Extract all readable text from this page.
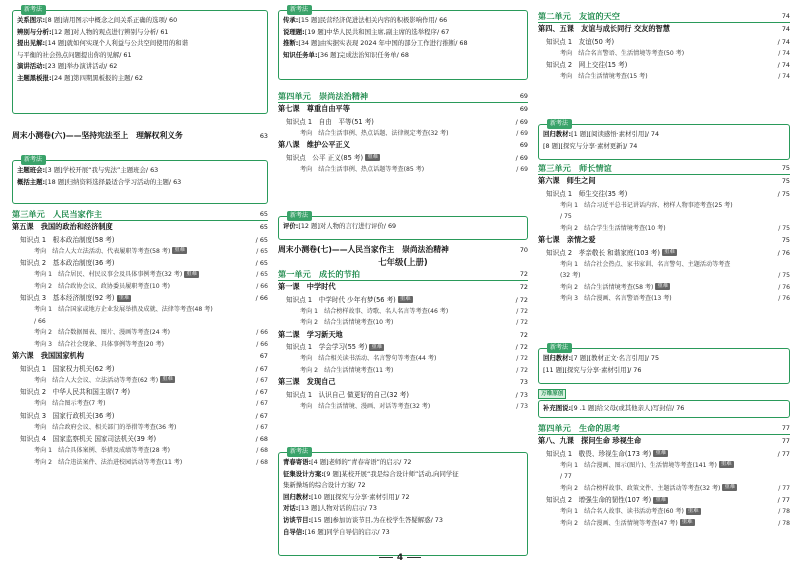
新考法
关系图示:[8 题]请用图示中概念之间关系正确的选项/ 60
辨别与分析:[12 题]对人物的观点进行辨别与分析/ 61
提出见解:[14 题]就如何实现个人利益与公共空间使用的和谐
与平衡的社会热点问题提出你的见解/ 61
演讲活动:[23 题]举办演讲活动/ 62
主题黑板报:[24 题]第四期黑板报的主题/ 62
周末小测卷(六)——坚持宪法至上　理解权利义务	63
新考法
主题班会:[3 题]学校开展“我与宪法”主题班会/ 63
概括主题:[18 题]归纳资料选择最适合学习活动的主题/ 63
第三单元　人民当家作主	65
第五课　我国的政治和经济制度	65
知识点 1　根本政治制度(58 考)	/ 65
考向　结合人大立法活动、代表履职等考查(58 考) 重难	/ 65
知识点 2　基本政治制度(36 考)	/ 65
考向 1　结合居民、村民议事会及具体事例考查(32 考) 重难	/ 65
考向 2　结合政协会议、政协委员履职考查(10 考)	/ 66
知识点 3　基本经济制度(92 考) 重难	/ 66
考向 1　结合国家或地方企业发展举措及成就、法律等考查(48 考)
/ 66
考向 2　结合数据图表、图片、漫画等考查(24 考)	/ 66
考向 3　结合社会现象、具体事例等考查(20 考)	/ 66
第六课　我国国家机构	67
知识点 1　国家权力机关(62 考)	/ 67
考向　结合人大会议、立法活动等考查(62 考) 重难	/ 67
知识点 2　中华人民共和国主席(7 考)	/ 67
考向　结合图示考查(7 考)	/ 67
知识点 3　国家行政机关(36 考)	/ 67
考向　结合政府会议、相关部门的举措等考查(36 考)	/ 67
知识点 4　国家监察机关 国家司法机关(39 考)	/ 68
考向 1　结合具体案例、举措及成绩等考查(28 考)	/ 68
考向 2　结合违法案件、法治进校园活动等考查(11 考)	/ 68
新考法
传承:[15 题]民营经济促进法相关内容的积极影响作用/ 66
说理题:[19 题]中华人民共和国主席,副主席的选举程序/ 67
推断:[34 题]由实据实表现 2024 年中国的部分工作进行推断/ 68
知识任务单:[36 题]完成法治知识任务单/ 68
第四单元　崇尚法治精神	69
第七课　尊重自由平等	69
知识点 1　自由　平等(51 考)	/ 69
考向　结合生活事例、热点话题、法律规定考查(32 考)	/ 69
第八课　维护公平正义	69
知识点　公平 正义(85 考) 重难	/ 69
考向　结合生活事例、热点话题等考查(85 考)	/ 69
新考法
评价:[12 题]对人物的言行进行评价/ 69
周末小测卷(七)——人民当家作主　崇尚法治精神	70
七年级(上册)
第一单元　成长的节拍	72
第一课　中学时代	72
知识点 1　中学时代 少年有梦(56 考) 重难	/ 72
考向 1　结合榜样故事、诗歌、名人名言等考查(46 考)	/ 72
考向 2　结合生活情境考查(10 考)	/ 72
第二课　学习新天地	72
知识点 1　学会学习(55 考) 重难	/ 72
考向　结合相关读书活动、名言警句等考查(44 考)	/ 72
考向 2　结合生活情境考查(11 考)	/ 72
第三课　发现自己	73
知识点 1　认识自己 做更好的自己(32 考)	/ 73
考向　结合生活情境、漫画、对话等考查(32 考)	/ 73
新考法
青春寄语:[4 题]老师的“青春寄语”的启示/ 72
征集设计方案:[9 题]某校开展“我是综合设计师”活动,向同学征
集新操场的综合设计方案/ 72
回归教材:[10 题][探究与分享·素材引用]/ 72
对话:[13 题]人物对话的启示/ 73
访谈节目:[15 题]参加访谈节目,为在校学生答疑解惑/ 73
自导信:[16 题]同学自导信的启示/ 73
第二单元　友谊的天空	74
第四、五课　友谊与成长同行 交友的智慧	74
知识点 1　友谊(50 考)	/ 74
考向　结合名言警语、生活情境等考查(50 考)	/ 74
知识点 2　网上交往(15 考)	/ 74
考向　结合生活情境考查(15 考)	/ 74
新考法
回归教材:[1 题][阅读感悟·素材引用]/ 74
[8 题][探究与分享·素材更新]/ 74
第三单元　师长情谊	75
第六课　师生之间	75
知识点 1　师生交往(35 考)	/ 75
考向 1　结合习近平总书记讲话内容、榜样人物事迹考查(25 考)
/ 75
考向 2　结合学生生活情境考查(10 考)	/ 75
第七课　亲情之爱	75
知识点 2　孝亲敬长 和谐家庭(103 考) 重难	/ 76
考向 1　结合社会热点、家书家训、名言警句、主题活动等考查
(32 考)	/ 75
考向 2　结合生活情境考查(58 考) 重难	/ 76
考向 3　结合漫画、名言警语考查(13 考)	/ 76
新考法
回归教材:[7 题][教材正文·名言引用]/ 75
[11 题][探究与分享·素材引用]/ 76
万维原创
补充图说:[9 .1 题]给父母(或其他亲人)写封信/ 76
第四单元　生命的思考	77
第八、九课　探问生命 珍视生命	77
知识点 1　敬畏、珍视生命(173 考) 重难	/ 77
考向 1　结合漫画、图示(图片)、生活情境等考查(141 考) 重难
/ 77
考向 2　结合榜样故事、政策文件、主题活动等考查(32 考) 重难	/ 77
知识点 2　增强生命的韧性(107 考) 重难	/ 77
考向 1　结合名人故事、读书活动考查(60 考) 重难	/ 78
考向 2　结合漫画、生活情境等考查(47 考) 重难	/ 78
4
